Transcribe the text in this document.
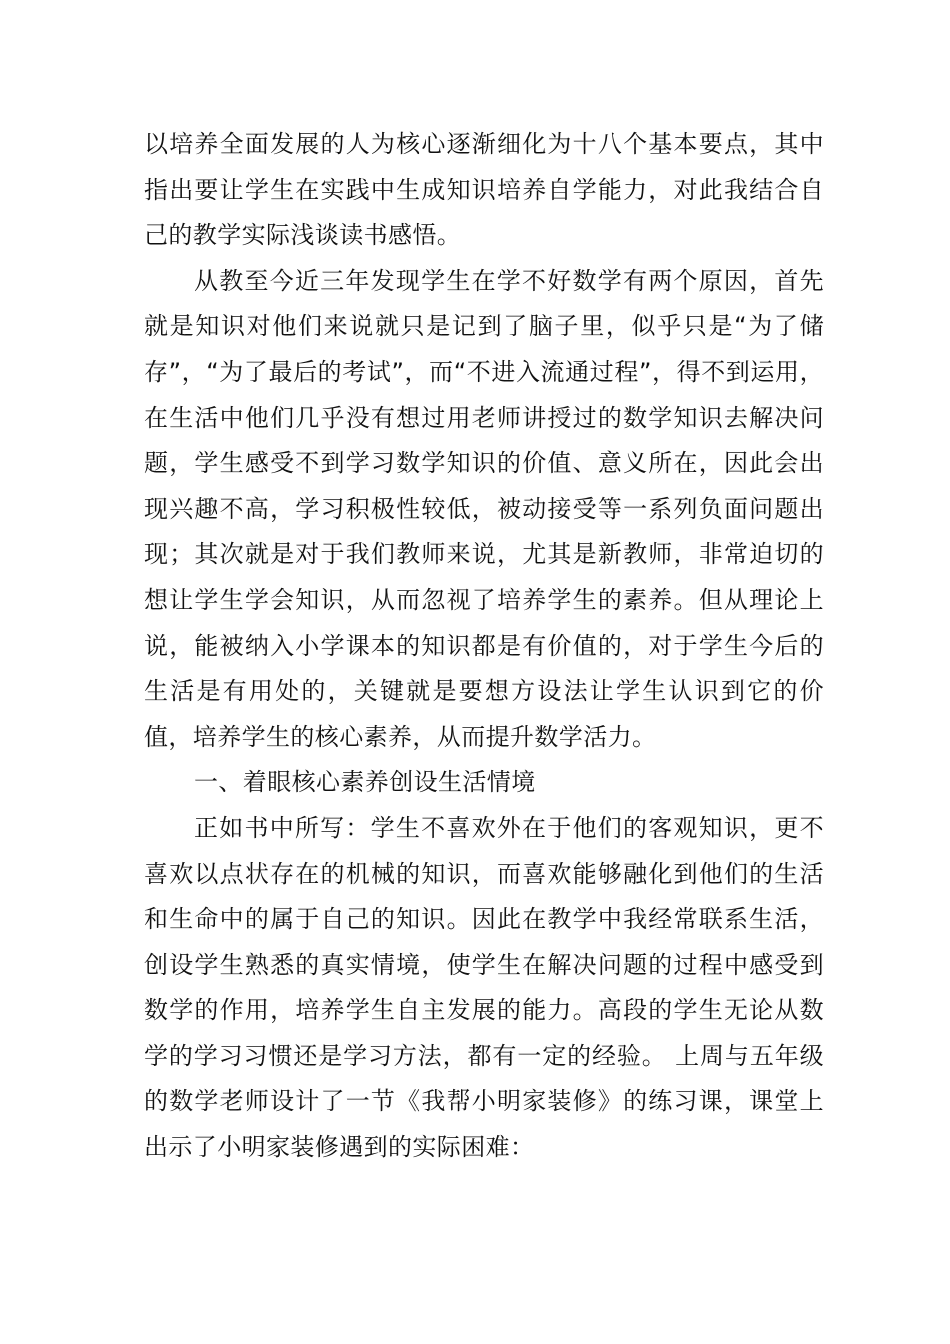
以培养全面发展的人为核心逐渐细化为十八个基本要点，其中指出要让学生在实践中生成知识培养自学能力，对此我结合自己的教学实际浅谈读书感悟。

从教至今近三年发现学生在学不好数学有两个原因，首先就是知识对他们来说就只是记到了脑子里，似乎只是“为了储存”，“为了最后的考试”，而“不进入流通过程”，得不到运用，在生活中他们几乎没有想过用老师讲授过的数学知识去解决问题，学生感受不到学习数学知识的价值、意义所在，因此会出现兴趣不高，学习积极性较低，被动接受等一系列负面问题出现；其次就是对于我们教师来说，尤其是新教师，非常迫切的想让学生学会知识，从而忽视了培养学生的素养。但从理论上说，能被纳入小学课本的知识都是有价值的，对于学生今后的生活是有用处的，关键就是要想方设法让学生认识到它的价值，培养学生的核心素养，从而提升数学活力。

一、着眼核心素养创设生活情境

正如书中所写：学生不喜欢外在于他们的客观知识，更不喜欢以点状存在的机械的知识，而喜欢能够融化到他们的生活和生命中的属于自己的知识。因此在教学中我经常联系生活，创设学生熟悉的真实情境，使学生在解决问题的过程中感受到数学的作用，培养学生自主发展的能力。高段的学生无论从数学的学习习惯还是学习方法，都有一定的经验。 上周与五年级的数学老师设计了一节《我帮小明家装修》的练习课，课堂上出示了小明家装修遇到的实际困难：
